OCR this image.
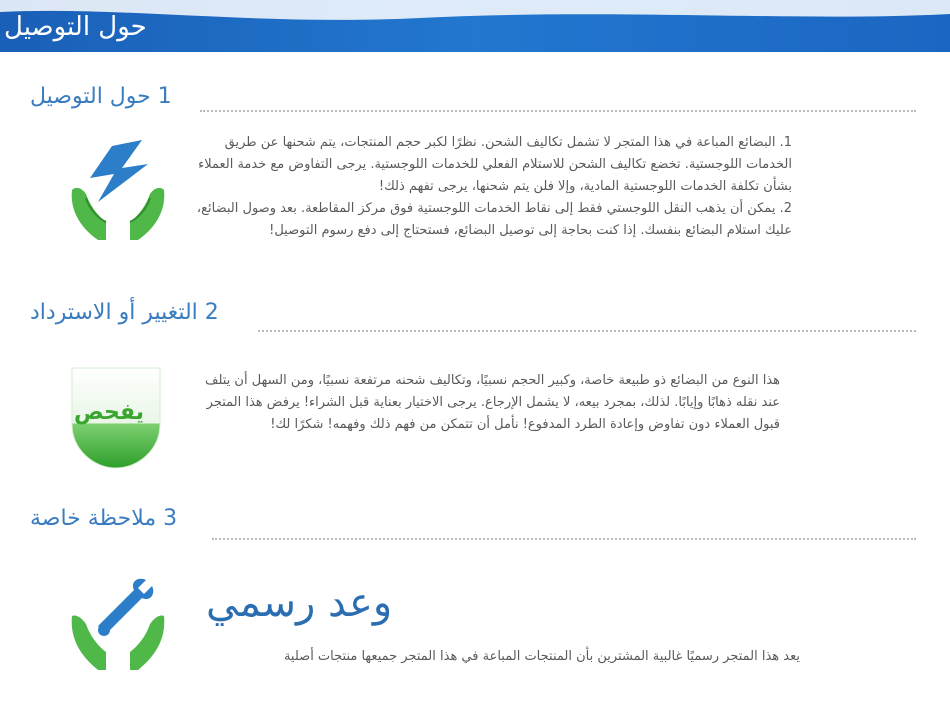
حول التوصيل
1 حول التوصيل

1. البضائع المباعة في هذا المتجر لا تشمل تكاليف الشحن. نظرًا لكبر حجم المنتجات، يتم شحنها عن طريق الخدمات اللوجستية. تخضع تكاليف الشحن للاستلام الفعلي للخدمات اللوجستية. يرجى التفاوض مع خدمة العملاء بشأن تكلفة الخدمات اللوجستية المادية، وإلا فلن يتم شحنها، يرجى تفهم ذلك!

2. يمكن أن يذهب النقل اللوجستي فقط إلى نقاط الخدمات اللوجستية فوق مركز المقاطعة. بعد وصول البضائع، عليك استلام البضائع بنفسك. إذا كنت بحاجة إلى توصيل البضائع، فستحتاج إلى دفع رسوم التوصيل!

2 التغيير أو الاسترداد
يفحص

هذا النوع من البضائع ذو طبيعة خاصة، وكبير الحجم نسبيًا، وتكاليف شحنه مرتفعة نسبيًا، ومن السهل أن يتلف عند نقله ذهابًا وإيابًا. لذلك، بمجرد بيعه، لا يشمل الإرجاع. يرجى الاختيار بعناية قبل الشراء! يرفض هذا المتجر قبول العملاء دون تفاوض وإعادة الطرد المدفوع! نأمل أن تتمكن من فهم ذلك وفهمه! شكرًا لك!

3 ملاحظة خاصة
وعد رسمي

يعد هذا المتجر رسميًا غالبية المشترين بأن المنتجات المباعة في هذا المتجر جميعها منتجات أصلية
